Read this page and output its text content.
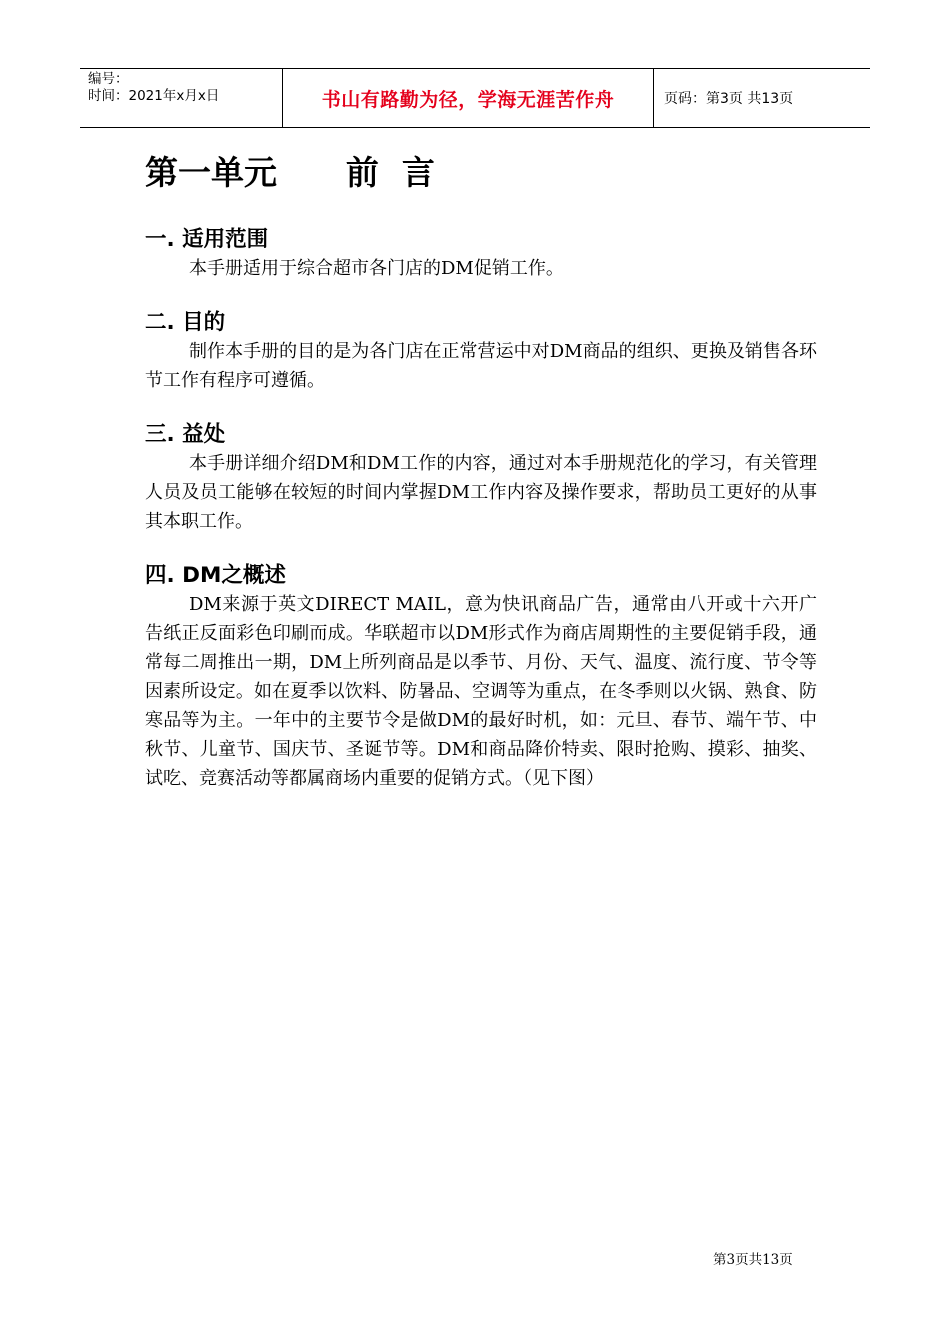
编号：
时间：2021年x月x日	书山有路勤为径，学海无涯苦作舟	页码：第3页 共13页
第一单元      前  言
一. 适用范围

本手册适用于综合超市各门店的DM促销工作。

二. 目的

制作本手册的目的是为各门店在正常营运中对DM商品的组织、更换及销售各环节工作有程序可遵循。

三. 益处

本手册详细介绍DM和DM工作的内容，通过对本手册规范化的学习，有关管理人员及员工能够在较短的时间内掌握DM工作内容及操作要求，帮助员工更好的从事其本职工作。

四. DM之概述

DM来源于英文DIRECT MAIL，意为快讯商品广告，通常由八开或十六开广告纸正反面彩色印刷而成。华联超市以DM形式作为商店周期性的主要促销手段，通常每二周推出一期，DM上所列商品是以季节、月份、天气、温度、流行度、节令等因素所设定。如在夏季以饮料、防暑品、空调等为重点，在冬季则以火锅、熟食、防寒品等为主。一年中的主要节令是做DM的最好时机，如：元旦、春节、端午节、中秋节、儿童节、国庆节、圣诞节等。DM和商品降价特卖、限时抢购、摸彩、抽奖、试吃、竞赛活动等都属商场内重要的促销方式。（见下图）

第3页共13页
